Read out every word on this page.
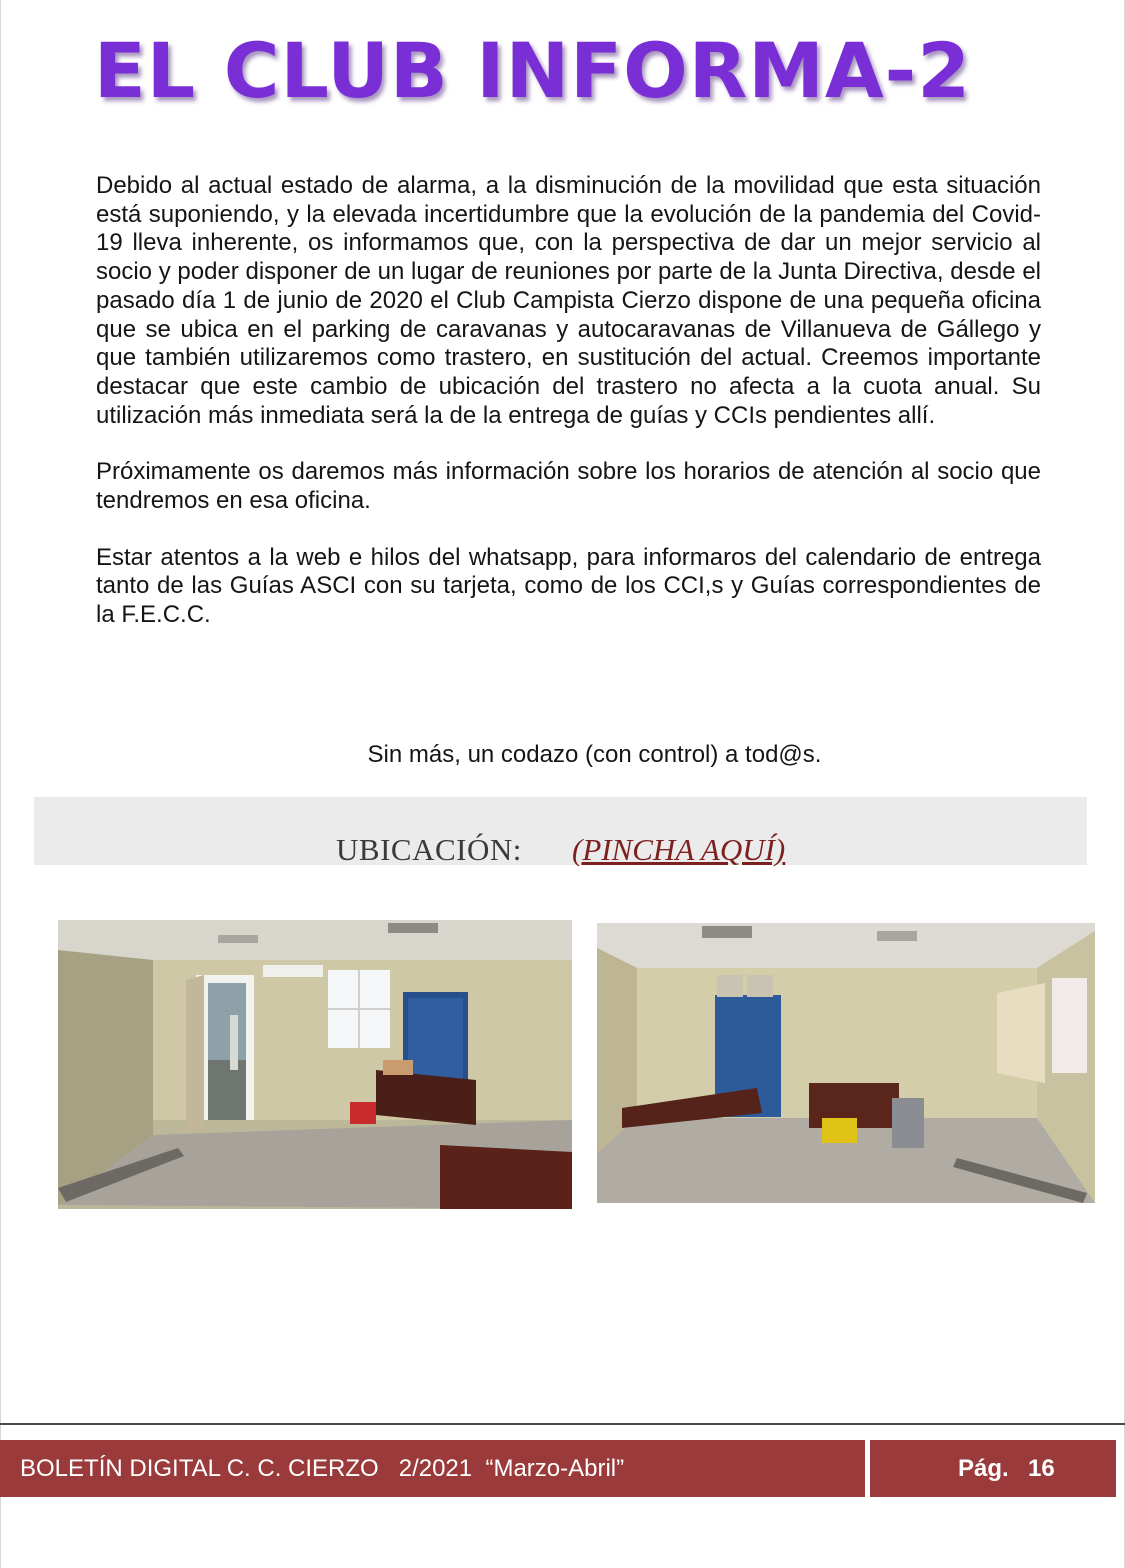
EL CLUB INFORMA-2

Debido al actual estado de alarma, a la disminución de la movilidad que esta situación está suponiendo, y la elevada incertidumbre que la evolución de la pandemia del Covid-19 lleva inherente, os informamos que, con la perspectiva de dar un mejor servicio al socio y poder disponer de un lugar de reuniones por parte de la Junta Directiva, desde el pasado día 1 de junio de 2020 el Club Campista Cierzo dispone de una pequeña oficina que se ubica en el parking de caravanas y autocaravanas de Villanueva de Gállego y que también utilizaremos como trastero, en sustitución del actual. Creemos importante destacar que este cambio de ubicación del trastero no afecta a la cuota anual. Su utilización más inmediata será la de la entrega de guías y CCIs pendientes allí.

Próximamente os daremos más información sobre los horarios de atención al socio que tendremos en esa oficina.

Estar atentos a la web e hilos del whatsapp, para informaros del calendario de entrega tanto de las Guías ASCI con su tarjeta, como de los CCI,s y Guías correspondientes de la F.E.C.C.

Sin más, un codazo (con control) a tod@s.
UBICACIÓN: (PINCHA AQUÍ)
BOLETÍN DIGITAL C. C. CIERZO   2/2021  “Marzo-Abril”	Pág. 16
